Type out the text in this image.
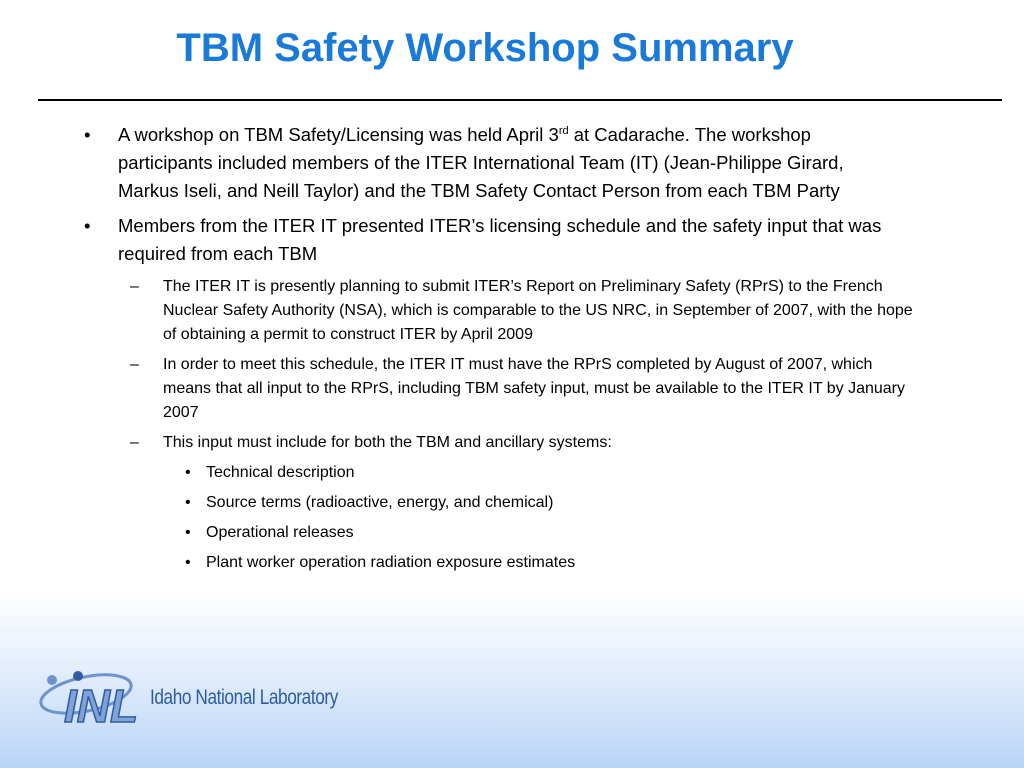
TBM Safety Workshop Summary
• A workshop on TBM Safety/Licensing was held April 3rd at Cadarache. The workshop participants included members of the ITER International Team (IT) (Jean-Philippe Girard, Markus Iseli, and Neill Taylor) and the TBM Safety Contact Person from each TBM Party
• Members from the ITER IT presented ITER’s licensing schedule and the safety input that was required from each TBM
– The ITER IT is presently planning to submit ITER’s Report on Preliminary Safety (RPrS) to the French Nuclear Safety Authority (NSA), which is comparable to the US NRC, in September of 2007, with the hope of obtaining a permit to construct ITER by April 2009
– In order to meet this schedule, the ITER IT must have the RPrS completed by August of 2007, which means that all input to the RPrS, including TBM safety input, must be available to the ITER IT by January 2007
– This input must include for both the TBM and ancillary systems:
• Technical description
• Source terms (radioactive, energy, and chemical)
• Operational releases
• Plant worker operation radiation exposure estimates
INL Idaho National Laboratory
